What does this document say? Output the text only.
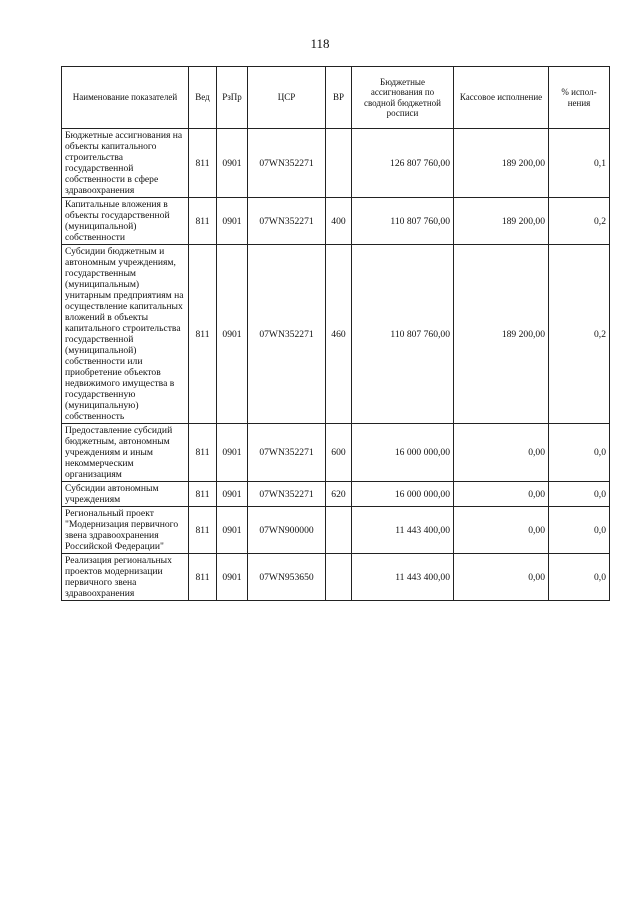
118
Наименование показателей	Вед	РзПр	ЦСР	ВР	Бюджетные ассигнования по сводной бюджетной росписи	Кассовое исполнение	% испол-нения
Бюджетные ассигнования на объекты капитального строительства государственной собственности в сфере здравоохранения	811	0901	07WN352271		126 807 760,00	189 200,00	0,1
Капитальные вложения в объекты государственной (муниципальной) собственности	811	0901	07WN352271	400	110 807 760,00	189 200,00	0,2
Субсидии бюджетным и автономным учреждениям, государственным (муниципальным) унитарным предприятиям на осуществление капитальных вложений в объекты капитального строительства государственной (муниципальной) собственности или приобретение объектов недвижимого имущества в государственную (муниципальную) собственность	811	0901	07WN352271	460	110 807 760,00	189 200,00	0,2
Предоставление субсидий бюджетным, автономным учреждениям и иным некоммерческим организациям	811	0901	07WN352271	600	16 000 000,00	0,00	0,0
Субсидии автономным учреждениям	811	0901	07WN352271	620	16 000 000,00	0,00	0,0
Региональный проект "Модернизация первичного звена здравоохранения Российской Федерации"	811	0901	07WN900000		11 443 400,00	0,00	0,0
Реализация региональных проектов модернизации первичного звена здравоохранения	811	0901	07WN953650		11 443 400,00	0,00	0,0
